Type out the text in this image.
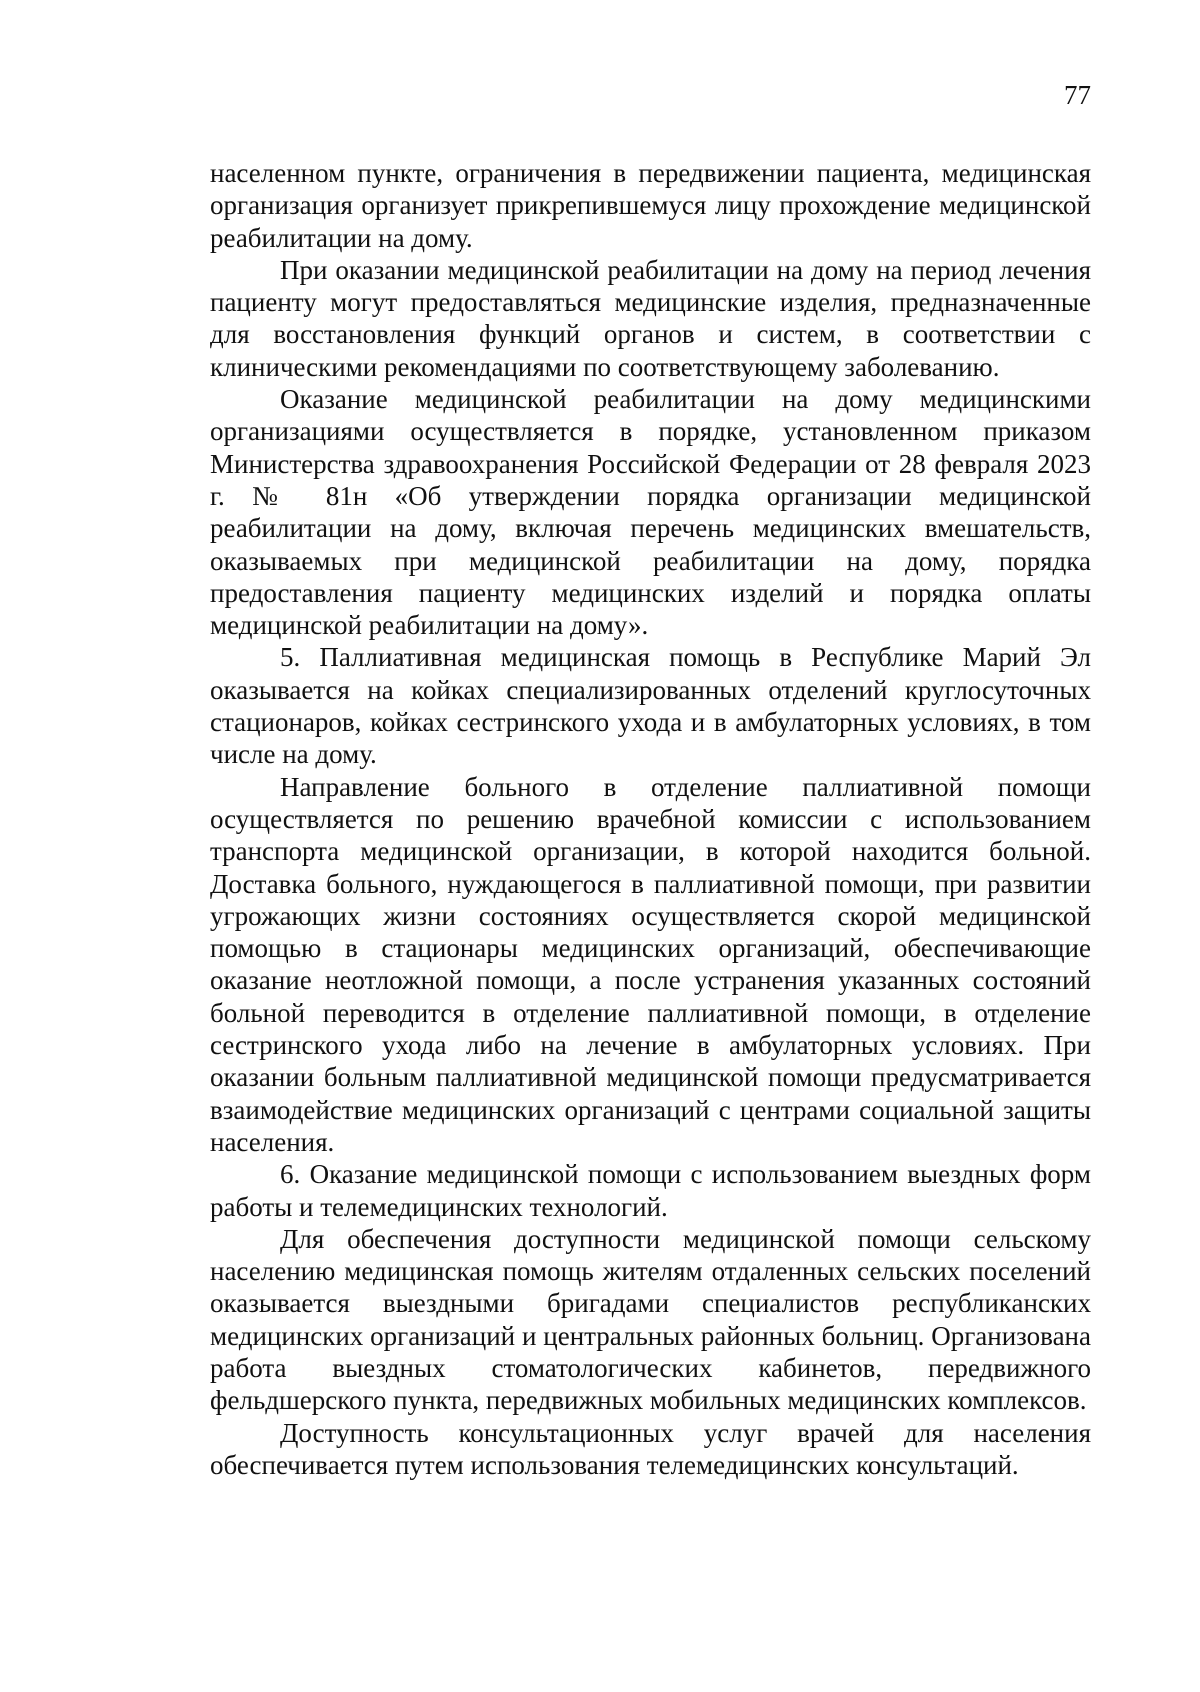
77

населенном пункте, ограничения в передвижении пациента, медицинская организация организует прикрепившемуся лицу прохождение медицинской реабилитации на дому.

При оказании медицинской реабилитации на дому на период лечения пациенту могут предоставляться медицинские изделия, предназначенные для восстановления функций органов и систем, в соответствии с клиническими рекомендациями по соответствующему заболеванию.

Оказание медицинской реабилитации на дому медицинскими организациями осуществляется в порядке, установленном приказом Министерства здравоохранения Российской Федерации от 28 февраля 2023 г. № 81н «Об утверждении порядка организации медицинской реабилитации на дому, включая перечень медицинских вмешательств, оказываемых при медицинской реабилитации на дому, порядка предоставления пациенту медицинских изделий и порядка оплаты медицинской реабилитации на дому».

5. Паллиативная медицинская помощь в Республике Марий Эл оказывается на койках специализированных отделений круглосуточных стационаров, койках сестринского ухода и в амбулаторных условиях, в том числе на дому.

Направление больного в отделение паллиативной помощи осуществляется по решению врачебной комиссии с использованием транспорта медицинской организации, в которой находится больной. Доставка больного, нуждающегося в паллиативной помощи, при развитии угрожающих жизни состояниях осуществляется скорой медицинской помощью в стационары медицинских организаций, обеспечивающие оказание неотложной помощи, а после устранения указанных состояний больной переводится в отделение паллиативной помощи, в отделение сестринского ухода либо на лечение в амбулаторных условиях. При оказании больным паллиативной медицинской помощи предусматривается взаимодействие медицинских организаций с центрами социальной защиты населения.

6. Оказание медицинской помощи с использованием выездных форм работы и телемедицинских технологий.

Для обеспечения доступности медицинской помощи сельскому населению медицинская помощь жителям отдаленных сельских поселений оказывается выездными бригадами специалистов республиканских медицинских организаций и центральных районных больниц. Организована работа выездных стоматологических кабинетов, передвижного фельдшерского пункта, передвижных мобильных медицинских комплексов.

Доступность консультационных услуг врачей для населения обеспечивается путем использования телемедицинских консультаций.
